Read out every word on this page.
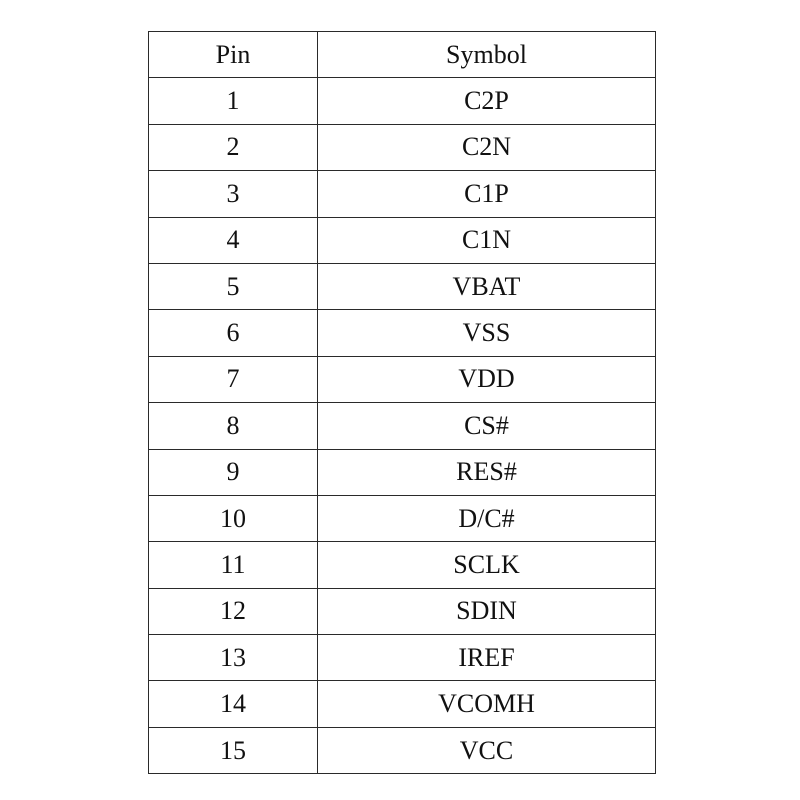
Pin	Symbol
1	C2P
2	C2N
3	C1P
4	C1N
5	VBAT
6	VSS
7	VDD
8	CS#
9	RES#
10	D/C#
11	SCLK
12	SDIN
13	IREF
14	VCOMH
15	VCC
